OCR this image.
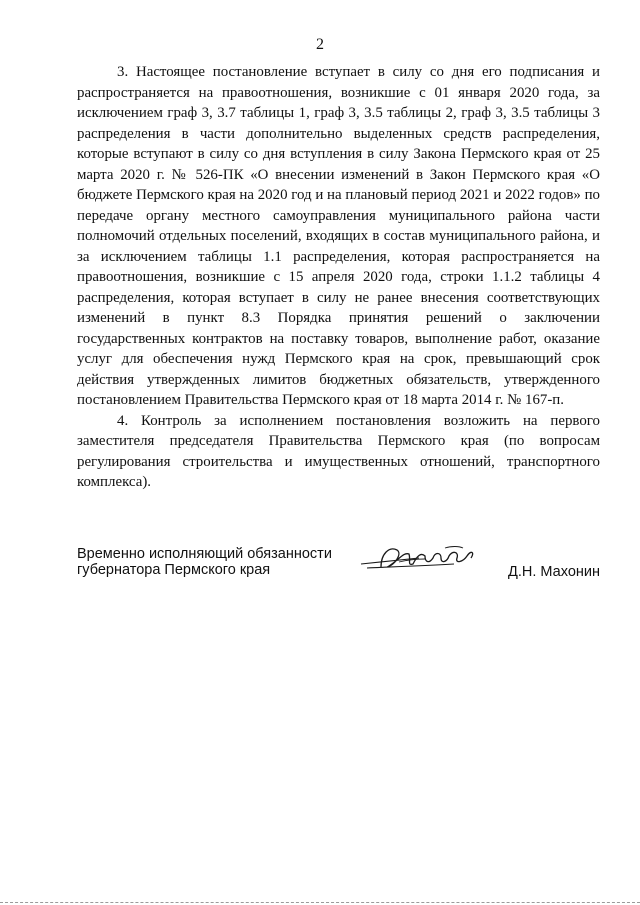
2

3. Настоящее постановление вступает в силу со дня его подписания и распространяется на правоотношения, возникшие с 01 января 2020 года, за исключением граф 3, 3.7 таблицы 1, граф 3, 3.5 таблицы 2, граф 3, 3.5 таблицы 3 распределения в части дополнительно выделенных средств распределения, которые вступают в силу со дня вступления в силу Закона Пермского края от 25 марта 2020 г. № 526-ПК «О внесении изменений в Закон Пермского края «О бюджете Пермского края на 2020 год и на плановый период 2021 и 2022 годов» по передаче органу местного самоуправления муниципального района части полномочий отдельных поселений, входящих в состав муниципального района, и за исключением таблицы 1.1 распределения, которая распространяется на правоотношения, возникшие с 15 апреля 2020 года, строки 1.1.2 таблицы 4 распределения, которая вступает в силу не ранее внесения соответствующих изменений в пункт 8.3 Порядка принятия решений о заключении государственных контрактов на поставку товаров, выполнение работ, оказание услуг для обеспечения нужд Пермского края на срок, превышающий срок действия утвержденных лимитов бюджетных обязательств, утвержденного постановлением Правительства Пермского края от 18 марта 2014 г. № 167-п.

4. Контроль за исполнением постановления возложить на первого заместителя председателя Правительства Пермского края (по вопросам регулирования строительства и имущественных отношений, транспортного комплекса).

Временно исполняющий обязанности
губернатора Пермского края	Д.Н. Махонин
